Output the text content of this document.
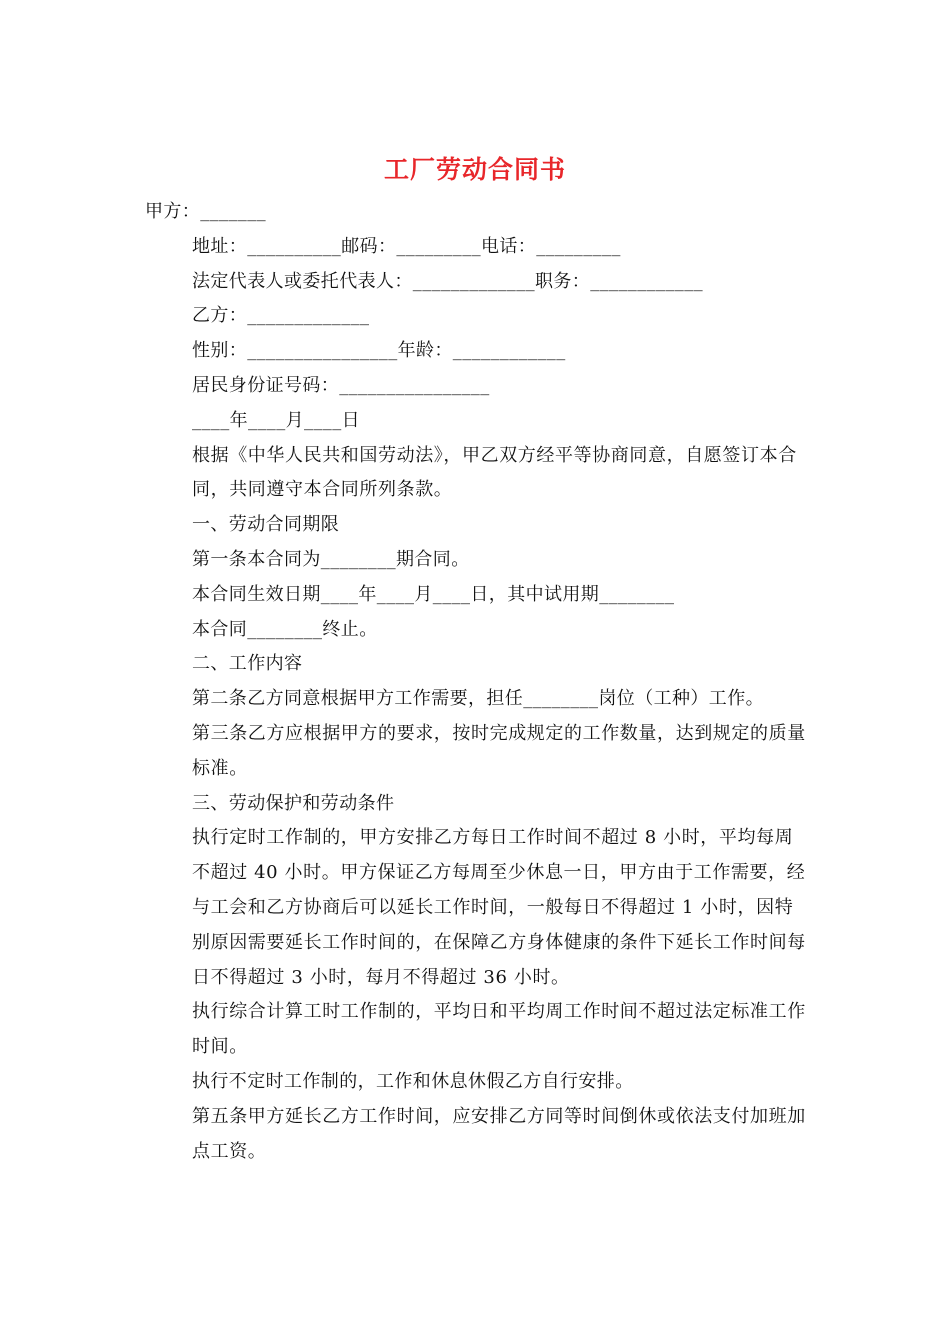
工厂劳动合同书

甲方：_______

地址：__________邮码：_________电话：_________

法定代表人或委托代表人：_____________职务：____________

乙方：_____________

性别：________________年龄：____________

居民身份证号码：________________

____年____月____日

根据《中华人民共和国劳动法》，甲乙双方经平等协商同意，自愿签订本合同，共同遵守本合同所列条款。

一、劳动合同期限

第一条本合同为________期合同。

本合同生效日期____年____月____日，其中试用期________

本合同________终止。

二、工作内容

第二条乙方同意根据甲方工作需要，担任________岗位（工种）工作。

第三条乙方应根据甲方的要求，按时完成规定的工作数量，达到规定的质量标准。

三、劳动保护和劳动条件

执行定时工作制的，甲方安排乙方每日工作时间不超过 8 小时，平均每周不超过 40 小时。甲方保证乙方每周至少休息一日，甲方由于工作需要，经与工会和乙方协商后可以延长工作时间，一般每日不得超过 1 小时，因特别原因需要延长工作时间的，在保障乙方身体健康的条件下延长工作时间每日不得超过 3 小时，每月不得超过 36 小时。

执行综合计算工时工作制的，平均日和平均周工作时间不超过法定标准工作时间。

执行不定时工作制的，工作和休息休假乙方自行安排。

第五条甲方延长乙方工作时间，应安排乙方同等时间倒休或依法支付加班加点工资。
